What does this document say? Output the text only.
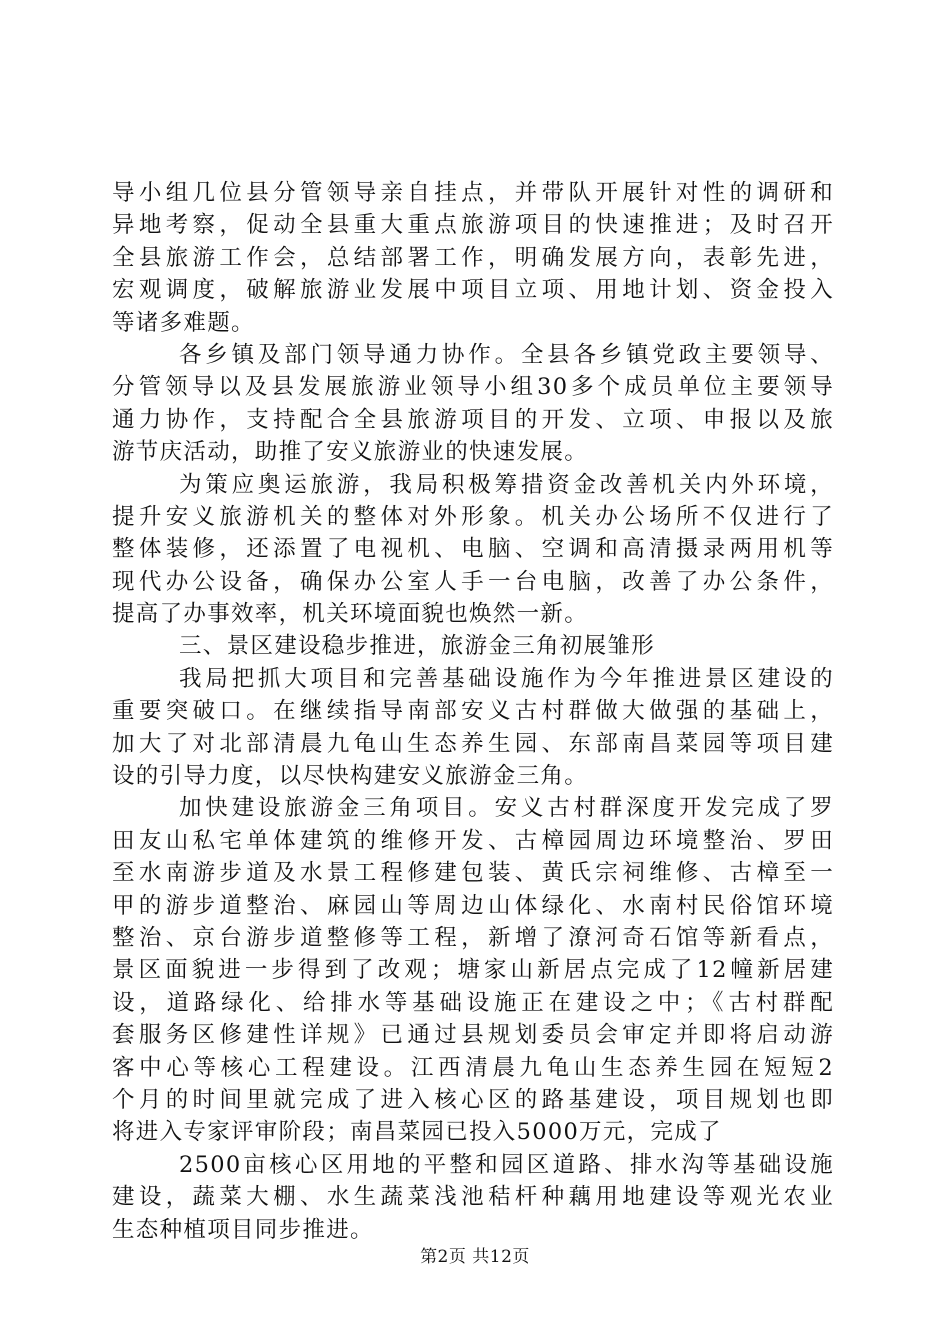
导小组几位县分管领导亲自挂点，并带队开展针对性的调研和
异地考察，促动全县重大重点旅游项目的快速推进；及时召开
全县旅游工作会，总结部署工作，明确发展方向，表彰先进，
宏观调度，破解旅游业发展中项目立项、用地计划、资金投入
等诸多难题。
各乡镇及部门领导通力协作。全县各乡镇党政主要领导、
分管领导以及县发展旅游业领导小组30多个成员单位主要领导
通力协作，支持配合全县旅游项目的开发、立项、申报以及旅
游节庆活动，助推了安义旅游业的快速发展。
为策应奥运旅游，我局积极筹措资金改善机关内外环境，
提升安义旅游机关的整体对外形象。机关办公场所不仅进行了
整体装修，还添置了电视机、电脑、空调和高清摄录两用机等
现代办公设备，确保办公室人手一台电脑，改善了办公条件，
提高了办事效率，机关环境面貌也焕然一新。
三、景区建设稳步推进，旅游金三角初展雏形
我局把抓大项目和完善基础设施作为今年推进景区建设的
重要突破口。在继续指导南部安义古村群做大做强的基础上，
加大了对北部清晨九龟山生态养生园、东部南昌菜园等项目建
设的引导力度，以尽快构建安义旅游金三角。
加快建设旅游金三角项目。安义古村群深度开发完成了罗
田友山私宅单体建筑的维修开发、古樟园周边环境整治、罗田
至水南游步道及水景工程修建包装、黄氏宗祠维修、古樟至一
甲的游步道整治、麻园山等周边山体绿化、水南村民俗馆环境
整治、京台游步道整修等工程，新增了潦河奇石馆等新看点，
景区面貌进一步得到了改观；塘家山新居点完成了12幢新居建
设，道路绿化、给排水等基础设施正在建设之中；《古村群配
套服务区修建性详规》已通过县规划委员会审定并即将启动游
客中心等核心工程建设。江西清晨九龟山生态养生园在短短2
个月的时间里就完成了进入核心区的路基建设，项目规划也即
将进入专家评审阶段；南昌菜园已投入5000万元，完成了
2500亩核心区用地的平整和园区道路、排水沟等基础设施
建设，蔬菜大棚、水生蔬菜浅池秸杆种藕用地建设等观光农业
生态种植项目同步推进。
第2页 共12页
